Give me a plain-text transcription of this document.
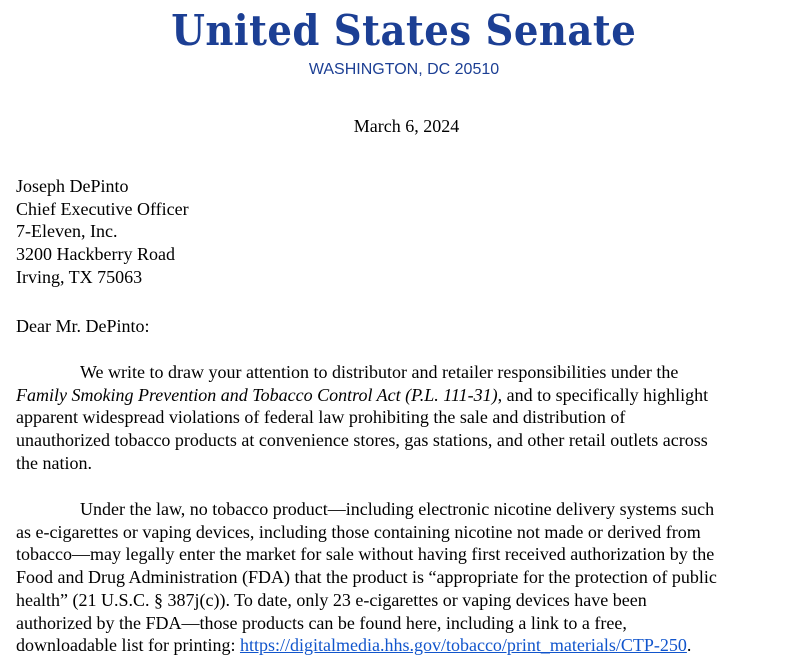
United States Senate
WASHINGTON, DC 20510
March 6, 2024
Joseph DePinto
Chief Executive Officer
7-Eleven, Inc.
3200 Hackberry Road
Irving, TX 75063
Dear Mr. DePinto:
We write to draw your attention to distributor and retailer responsibilities under the
Family Smoking Prevention and Tobacco Control Act (P.L. 111-31), and to specifically highlight
apparent widespread violations of federal law prohibiting the sale and distribution of
unauthorized tobacco products at convenience stores, gas stations, and other retail outlets across
the nation.
Under the law, no tobacco product—including electronic nicotine delivery systems such
as e-cigarettes or vaping devices, including those containing nicotine not made or derived from
tobacco—may legally enter the market for sale without having first received authorization by the
Food and Drug Administration (FDA) that the product is “appropriate for the protection of public
health” (21 U.S.C. § 387j(c)). To date, only 23 e-cigarettes or vaping devices have been
authorized by the FDA—those products can be found here, including a link to a free,
downloadable list for printing: https://digitalmedia.hhs.gov/tobacco/print_materials/CTP-250.
